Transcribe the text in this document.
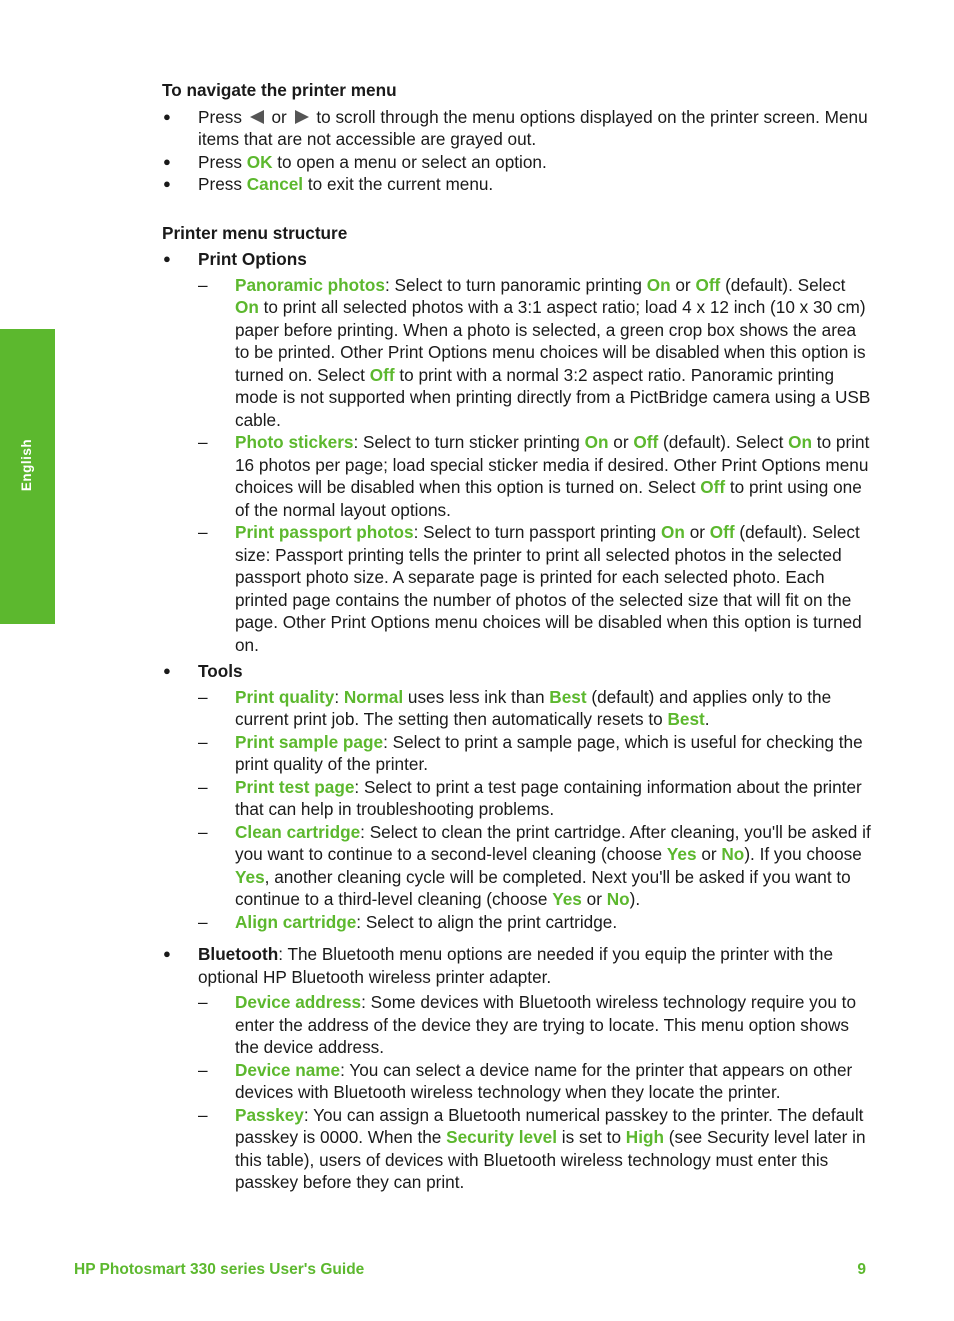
English
To navigate the printer menu
● Press or to scroll through the menu options displayed on the printer screen. Menu items that are not accessible are grayed out.
● Press OK to open a menu or select an option.
● Press Cancel to exit the current menu.
Printer menu structure
● Print Options
– Panoramic photos: Select to turn panoramic printing On or Off (default). Select On to print all selected photos with a 3:1 aspect ratio; load 4 x 12 inch (10 x 30 cm) paper before printing. When a photo is selected, a green crop box shows the area to be printed. Other Print Options menu choices will be disabled when this option is turned on. Select Off to print with a normal 3:2 aspect ratio. Panoramic printing mode is not supported when printing directly from a PictBridge camera using a USB cable.
– Photo stickers: Select to turn sticker printing On or Off (default). Select On to print 16 photos per page; load special sticker media if desired. Other Print Options menu choices will be disabled when this option is turned on. Select Off to print using one of the normal layout options.
– Print passport photos: Select to turn passport printing On or Off (default). Select size: Passport printing tells the printer to print all selected photos in the selected passport photo size. A separate page is printed for each selected photo. Each printed page contains the number of photos of the selected size that will fit on the page. Other Print Options menu choices will be disabled when this option is turned on.
● Tools
– Print quality: Normal uses less ink than Best (default) and applies only to the current print job. The setting then automatically resets to Best.
– Print sample page: Select to print a sample page, which is useful for checking the print quality of the printer.
– Print test page: Select to print a test page containing information about the printer that can help in troubleshooting problems.
– Clean cartridge: Select to clean the print cartridge. After cleaning, you'll be asked if you want to continue to a second-level cleaning (choose Yes or No). If you choose Yes, another cleaning cycle will be completed. Next you'll be asked if you want to continue to a third-level cleaning (choose Yes or No).
– Align cartridge: Select to align the print cartridge.
● Bluetooth: The Bluetooth menu options are needed if you equip the printer with the optional HP Bluetooth wireless printer adapter.
– Device address: Some devices with Bluetooth wireless technology require you to enter the address of the device they are trying to locate. This menu option shows the device address.
– Device name: You can select a device name for the printer that appears on other devices with Bluetooth wireless technology when they locate the printer.
– Passkey: You can assign a Bluetooth numerical passkey to the printer. The default passkey is 0000. When the Security level is set to High (see Security level later in this table), users of devices with Bluetooth wireless technology must enter this passkey before they can print.
HP Photosmart 330 series User's Guide	9
